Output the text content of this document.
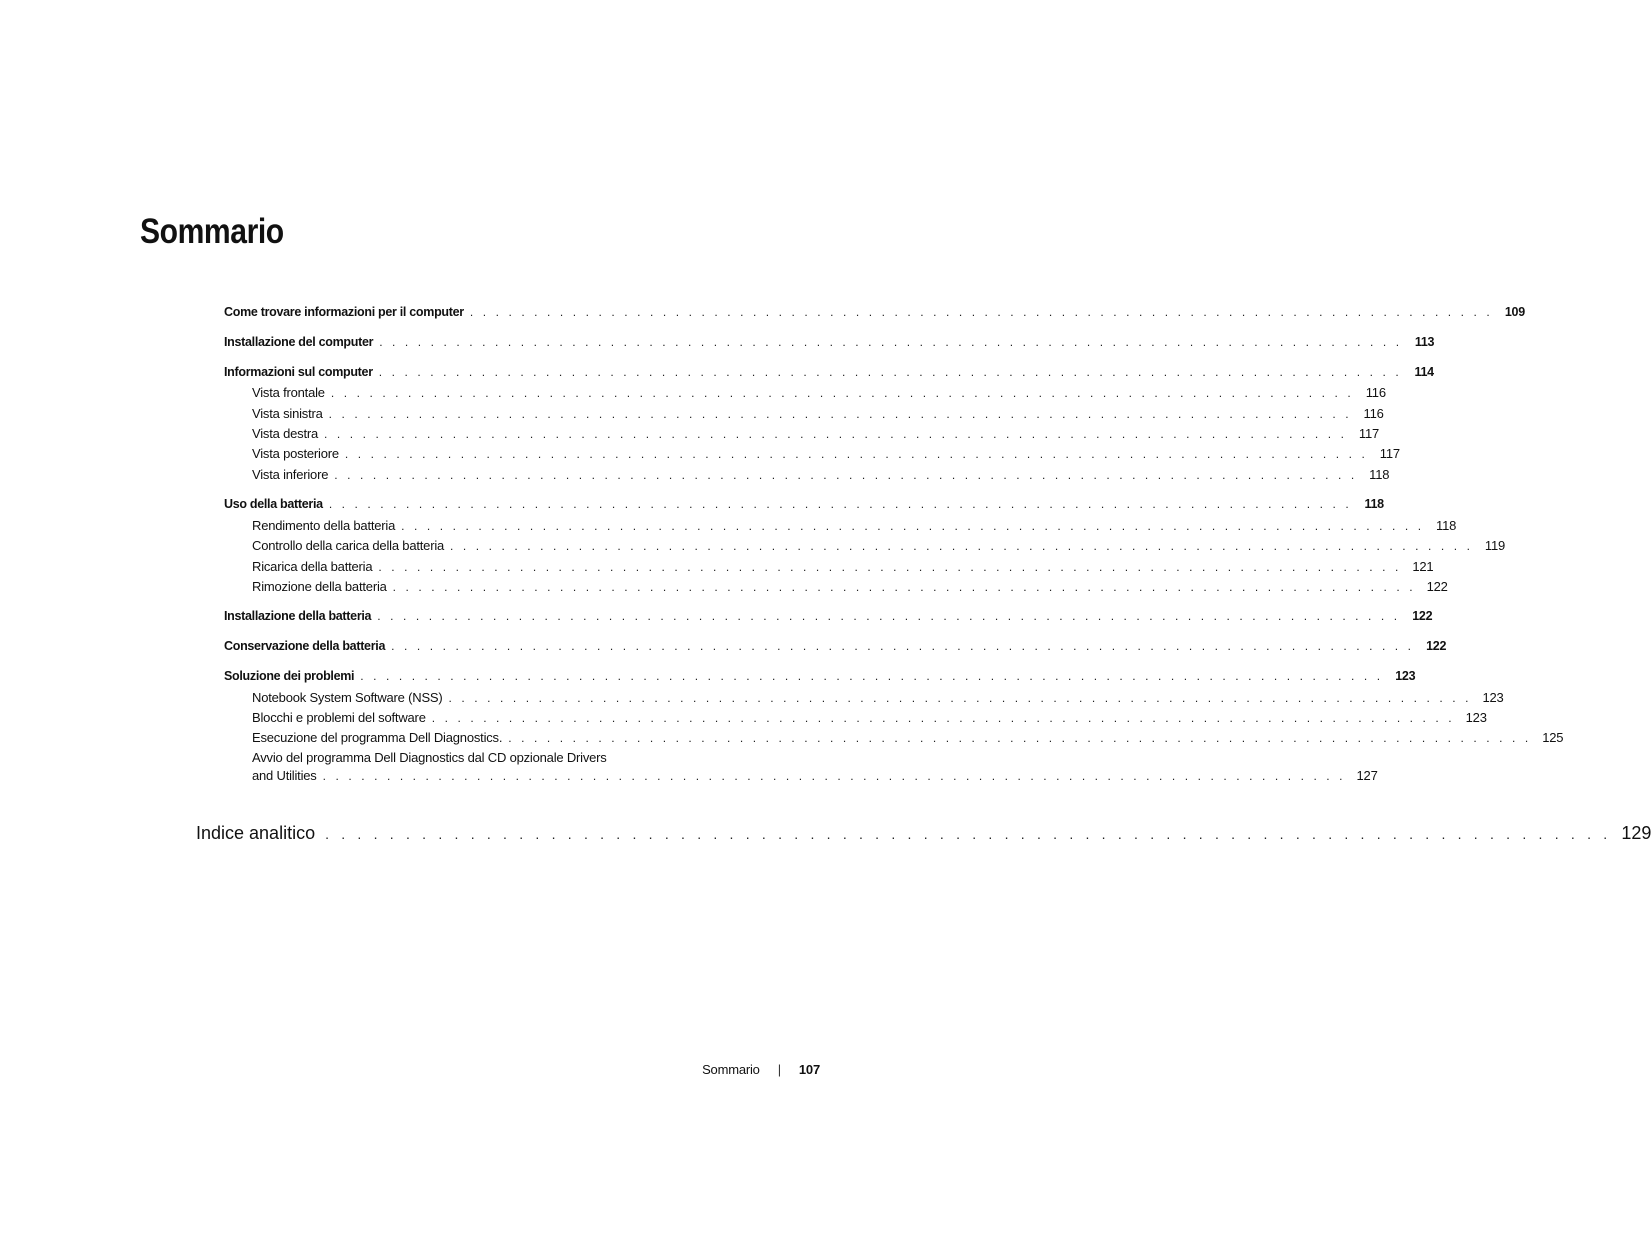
Sommario
Come trovare informazioni per il computer . . . . . . . . . . . . . . . . . . . . . . . . . . . . . . . . . . . . . . . . . . . . . . . . . . . . . . . . . . . . . . . . . . . . . . . . . . . . . . . . 109
Installazione del computer . . . . . . . . . . . . . . . . . . . . . . . . . . . . . . . . . . . . . . . . . . . . . . . . . . . . . . . . . . . . . . . . . . . . . . . . . . . . . . . .	113
Informazioni sul computer . . . . . . . . . . . . . . . . . . . . . . . . . . . . . . . . . . . . . . . . . . . . . . . . . . . . . . . . . . . . . . . . . . . . . . . . . . . . . . . .	114
Vista frontale . . . . . . . . . . . . . . . . . . . . . . . . . . . . . . . . . . . . . . . . . . . . . . . . . . . . . . . . . . . . . . . . . . . . . . . . . . . . . . . . 116
Vista sinistra . . . . . . . . . . . . . . . . . . . . . . . . . . . . . . . . . . . . . . . . . . . . . . . . . . . . . . . . . . . . . . . . . . . . . . . . . . . . . . . . 116
Vista destra . . . . . . . . . . . . . . . . . . . . . . . . . . . . . . . . . . . . . . . . . . . . . . . . . . . . . . . . . . . . . . . . . . . . . . . . . . . . . . . . 117
Vista posteriore . . . . . . . . . . . . . . . . . . . . . . . . . . . . . . . . . . . . . . . . . . . . . . . . . . . . . . . . . . . . . . . . . . . . . . . . . . . . . . . . 117
Vista inferiore . . . . . . . . . . . . . . . . . . . . . . . . . . . . . . . . . . . . . . . . . . . . . . . . . . . . . . . . . . . . . . . . . . . . . . . . . . . . . . . . 118
Uso della batteria . . . . . . . . . . . . . . . . . . . . . . . . . . . . . . . . . . . . . . . . . . . . . . . . . . . . . . . . . . . . . . . . . . . . . . . . . . . . . . . .	118
Rendimento della batteria . . . . . . . . . . . . . . . . . . . . . . . . . . . . . . . . . . . . . . . . . . . . . . . . . . . . . . . . . . . . . . . . . . . . . . . . . . . . . . . . 118
Controllo della carica della batteria . . . . . . . . . . . . . . . . . . . . . . . . . . . . . . . . . . . . . . . . . . . . . . . . . . . . . . . . . . . . . . . . . . . . . . . . . . . . . . . . 119
Ricarica della batteria . . . . . . . . . . . . . . . . . . . . . . . . . . . . . . . . . . . . . . . . . . . . . . . . . . . . . . . . . . . . . . . . . . . . . . . . . . . . . . . . 121
Rimozione della batteria . . . . . . . . . . . . . . . . . . . . . . . . . . . . . . . . . . . . . . . . . . . . . . . . . . . . . . . . . . . . . . . . . . . . . . . . . . . . . . . . 122
Installazione della batteria . . . . . . . . . . . . . . . . . . . . . . . . . . . . . . . . . . . . . . . . . . . . . . . . . . . . . . . . . . . . . . . . . . . . . . . . . . . . . . . . 122
Conservazione della batteria . . . . . . . . . . . . . . . . . . . . . . . . . . . . . . . . . . . . . . . . . . . . . . . . . . . . . . . . . . . . . . . . . . . . . . . . . . . . . . . . 122
Soluzione dei problemi . . . . . . . . . . . . . . . . . . . . . . . . . . . . . . . . . . . . . . . . . . . . . . . . . . . . . . . . . . . . . . . . . . . . . . . . . . . . . . . . 123
Notebook System Software (NSS) . . . . . . . . . . . . . . . . . . . . . . . . . . . . . . . . . . . . . . . . . . . . . . . . . . . . . . . . . . . . . . . . . . . . . . . . . . . . . . . . 123
Blocchi e problemi del software . . . . . . . . . . . . . . . . . . . . . . . . . . . . . . . . . . . . . . . . . . . . . . . . . . . . . . . . . . . . . . . . . . . . . . . . . . . . . . . . 123
Esecuzione del programma Dell Diagnostics. . . . . . . . . . . . . . . . . . . . . . . . . . . . . . . . . . . . . . . . . . . . . . . . . . . . . . . . . . . . . . . . . . . . . . . . . . . . . . . . . 125
Avvio del programma Dell Diagnostics dal CD opzionale Drivers
and Utilities . . . . . . . . . . . . . . . . . . . . . . . . . . . . . . . . . . . . . . . . . . . . . . . . . . . . . . . . . . . . . . . . . . . . . . . . . . . . . . . . 127
Indice analitico . . . . . . . . . . . . . . . . . . . . . . . . . . . . . . . . . . . . . . . . . . . . . . . . . . . . . . . . . . . . . . . . . . . . . . . . . . . . . . . . 129
Sommario | 107
